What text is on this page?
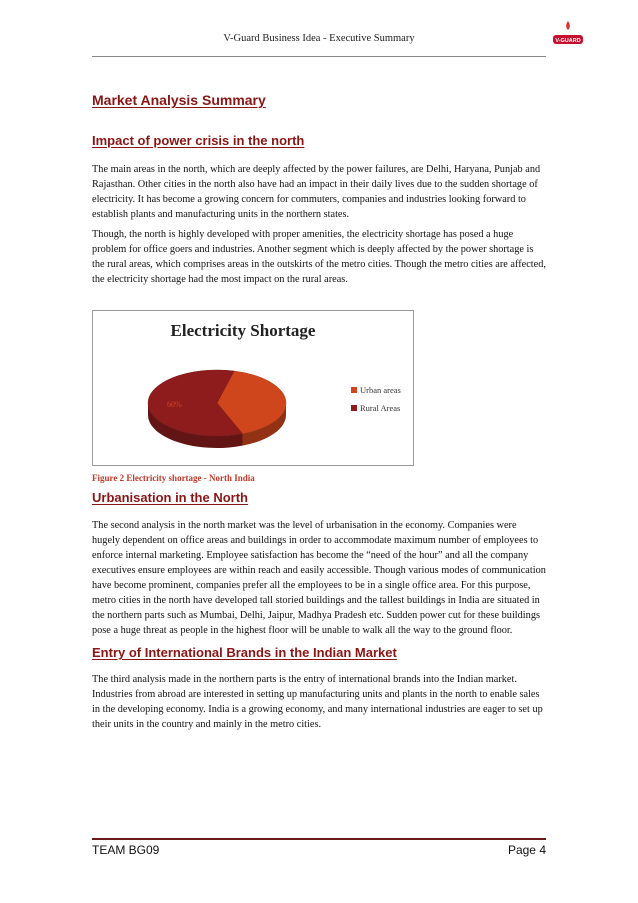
V-Guard Business Idea - Executive Summary	V-GUARD
Market Analysis Summary
Impact of power crisis in the north

The main areas in the north, which are deeply affected by the power failures, are Delhi, Haryana, Punjab and Rajasthan. Other cities in the north also have had an impact in their daily lives due to the sudden shortage of electricity. It has become a growing concern for commuters, companies and industries looking forward to establish plants and manufacturing units in the northern states.

Though, the north is highly developed with proper amenities, the electricity shortage has posed a huge problem for office goers and industries. Another segment which is deeply affected by the power shortage is the rural areas, which comprises areas in the outskirts of the metro cities. Though the metro cities are affected, the electricity shortage had the most impact on the rural areas.

Electricity Shortage
60%
Urban areas
Rural Areas
Figure 2 Electricity shortage - North India
Urbanisation in the North

The second analysis in the north market was the level of urbanisation in the economy. Companies were hugely dependent on office areas and buildings in order to accommodate maximum number of employees to enforce internal marketing. Employee satisfaction has become the “need of the hour” and all the company executives ensure employees are within reach and easily accessible. Though various modes of communication have become prominent, companies prefer all the employees to be in a single office area. For this purpose, metro cities in the north have developed tall storied buildings and the tallest buildings in India are situated in the northern parts such as Mumbai, Delhi, Jaipur, Madhya Pradesh etc. Sudden power cut for these buildings pose a huge threat as people in the highest floor will be unable to walk all the way to the ground floor.

Entry of International Brands in the Indian Market

The third analysis made in the northern parts is the entry of international brands into the Indian market. Industries from abroad are interested in setting up manufacturing units and plants in the north to enable sales in the developing economy. India is a growing economy, and many international industries are eager to set up their units in the country and mainly in the metro cities.

TEAM BG09	Page 4
